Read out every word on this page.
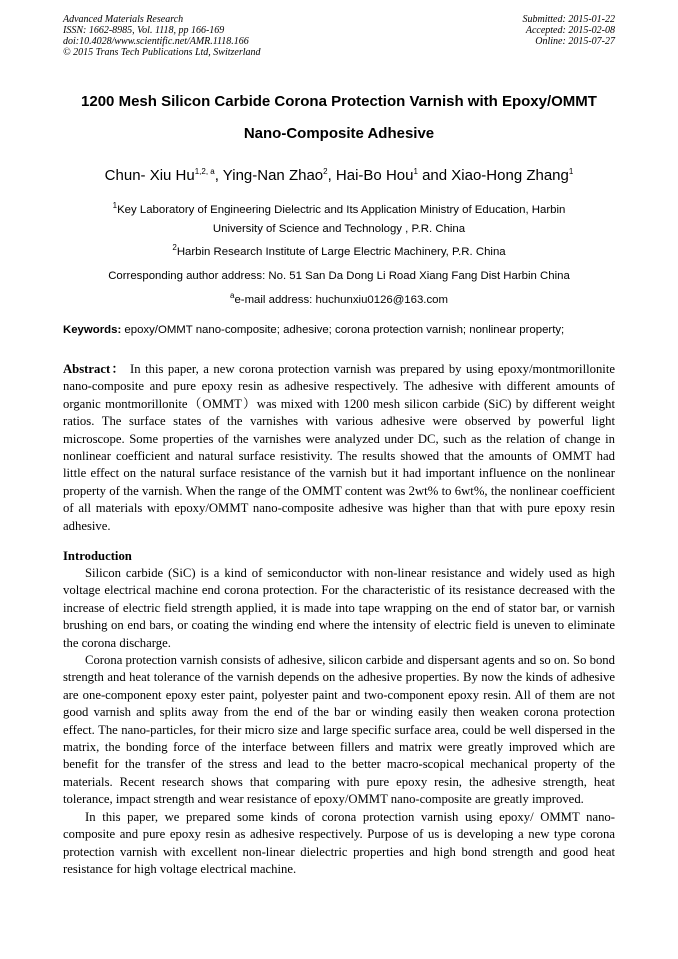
Advanced Materials Research
ISSN: 1662-8985, Vol. 1118, pp 166-169
doi:10.4028/www.scientific.net/AMR.1118.166
© 2015 Trans Tech Publications Ltd, Switzerland
Submitted: 2015-01-22
Accepted: 2015-02-08
Online: 2015-07-27
1200 Mesh Silicon Carbide Corona Protection Varnish with Epoxy/OMMT
Nano-Composite Adhesive
Chun- Xiu Hu$^{1,2, a}$, Ying-Nan Zhao$^2$, Hai-Bo Hou$^1$ and Xiao-Hong Zhang$^1$
$^1$Key Laboratory of Engineering Dielectric and Its Application Ministry of Education, Harbin
University of Science and Technology , P.R. China
$^2$Harbin Research Institute of Large Electric Machinery, P.R. China
Corresponding author address: No. 51 San Da Dong Li Road Xiang Fang Dist Harbin China
$^a$e-mail address: huchunxiu0126@163.com
Keywords: epoxy/OMMT nano-composite; adhesive; corona protection varnish; nonlinear property;

Abstract： In this paper, a new corona protection varnish was prepared by using epoxy/montmorillonite nano-composite and pure epoxy resin as adhesive respectively. The adhesive with different amounts of organic montmorillonite（OMMT）was mixed with 1200 mesh silicon carbide (SiC) by different weight ratios. The surface states of the varnishes with various adhesive were observed by powerful light microscope. Some properties of the varnishes were analyzed under DC, such as the relation of change in nonlinear coefficient and natural surface resistivity. The results showed that the amounts of OMMT had little effect on the natural surface resistance of the varnish but it had important influence on the nonlinear property of the varnish. When the range of the OMMT content was 2wt% to 6wt%, the nonlinear coefficient of all materials with epoxy/OMMT nano-composite adhesive was higher than that with pure epoxy resin adhesive.

Introduction

Silicon carbide (SiC) is a kind of semiconductor with non-linear resistance and widely used as high voltage electrical machine end corona protection. For the characteristic of its resistance decreased with the increase of electric field strength applied, it is made into tape wrapping on the end of stator bar, or varnish brushing on end bars, or coating the winding end where the intensity of electric field is uneven to eliminate the corona discharge.

Corona protection varnish consists of adhesive, silicon carbide and dispersant agents and so on. So bond strength and heat tolerance of the varnish depends on the adhesive properties. By now the kinds of adhesive are one-component epoxy ester paint, polyester paint and two-component epoxy resin. All of them are not good varnish and splits away from the end of the bar or winding easily then weaken corona protection effect. The nano-particles, for their micro size and large specific surface area, could be well dispersed in the matrix, the bonding force of the interface between fillers and matrix were greatly improved which are benefit for the transfer of the stress and lead to the better macro-scopical mechanical property of the materials. Recent research shows that comparing with pure epoxy resin, the adhesive strength, heat tolerance, impact strength and wear resistance of epoxy/OMMT nano-composite are greatly improved.

In this paper, we prepared some kinds of corona protection varnish using epoxy/ OMMT nano-composite and pure epoxy resin as adhesive respectively. Purpose of us is developing a new type corona protection varnish with excellent non-linear dielectric properties and high bond strength and good heat resistance for high voltage electrical machine.
